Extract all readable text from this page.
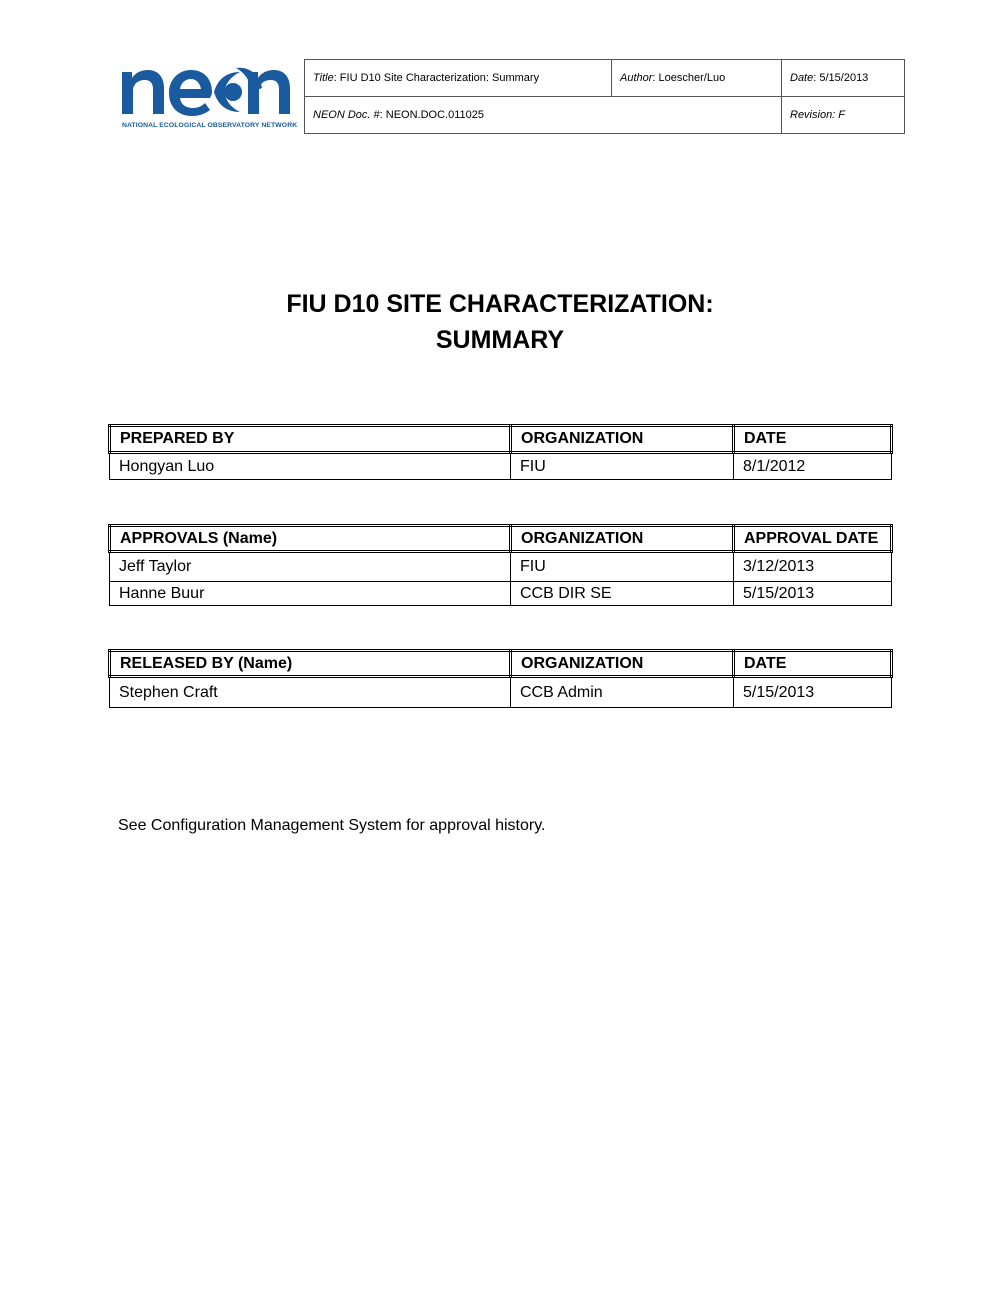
NATIONAL ECOLOGICAL OBSERVATORY NETWORK
Title: FIU D10 Site Characterization: Summary	Author: Loescher/Luo	Date: 5/15/2013
NEON Doc. #: NEON.DOC.011025		Revision: F
FIU D10 SITE CHARACTERIZATION:
SUMMARY
PREPARED BY	ORGANIZATION	DATE
Hongyan Luo	FIU	8/1/2012
APPROVALS (Name)	ORGANIZATION	APPROVAL DATE
Jeff Taylor	FIU	3/12/2013
Hanne Buur	CCB DIR SE	5/15/2013
RELEASED BY (Name)	ORGANIZATION	DATE
Stephen Craft	CCB Admin	5/15/2013
See Configuration Management System for approval history.
